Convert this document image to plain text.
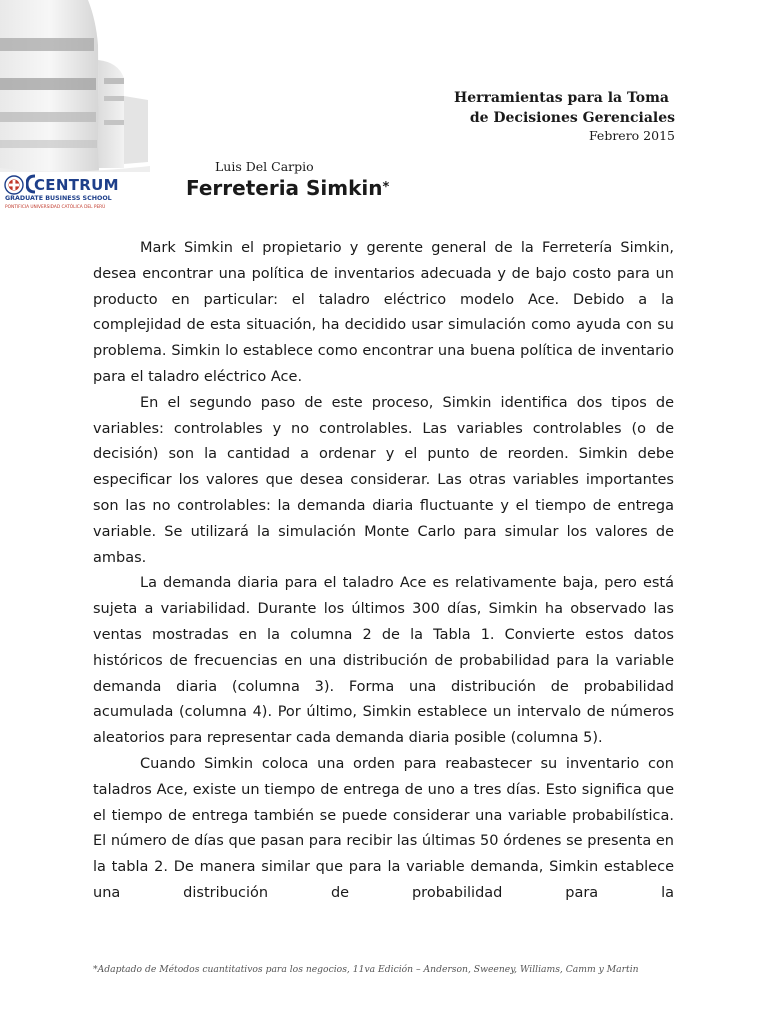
CENTRUM
GRADUATE BUSINESS SCHOOL
PONTIFICIA UNIVERSIDAD CATÓLICA DEL PERÚ
Herramientas para la Toma
de Decisiones Gerenciales
Febrero 2015
Luis Del Carpio
Ferreteria Simkin*

Mark Simkin el propietario y gerente general de la Ferretería Simkin, desea encontrar una política de inventarios adecuada y de bajo costo para un producto en particular: el taladro eléctrico modelo Ace. Debido a la complejidad de esta situación, ha decidido usar simulación como ayuda con su problema. Simkin lo establece como encontrar una buena política de inventario para el taladro eléctrico Ace.

En el segundo paso de este proceso, Simkin identifica dos tipos de variables: controlables y no controlables. Las variables controlables (o de decisión) son la cantidad a ordenar y el punto de reorden. Simkin debe especificar los valores que desea considerar. Las otras variables importantes son las no controlables: la demanda diaria fluctuante y el tiempo de entrega variable. Se utilizará la simulación Monte Carlo para simular los valores de ambas.

La demanda diaria para el taladro Ace es relativamente baja, pero está sujeta a variabilidad. Durante los últimos 300 días, Simkin ha observado las ventas mostradas en la columna 2 de la Tabla 1. Convierte estos datos históricos de frecuencias en una distribución de probabilidad para la variable demanda diaria (columna 3). Forma una distribución de probabilidad acumulada (columna 4). Por último, Simkin establece un intervalo de números aleatorios para representar cada demanda diaria posible (columna 5).

Cuando Simkin coloca una orden para reabastecer su inventario con taladros Ace, existe un tiempo de entrega de uno a tres días. Esto significa que el tiempo de entrega también se puede considerar una variable probabilística. El número de días que pasan para recibir las últimas 50 órdenes se presenta en la tabla 2. De manera similar que para la variable demanda, Simkin establece una distribución de probabilidad para la

*Adaptado de Métodos cuantitativos para los negocios, 11va Edición – Anderson, Sweeney, Williams, Camm y Martin
